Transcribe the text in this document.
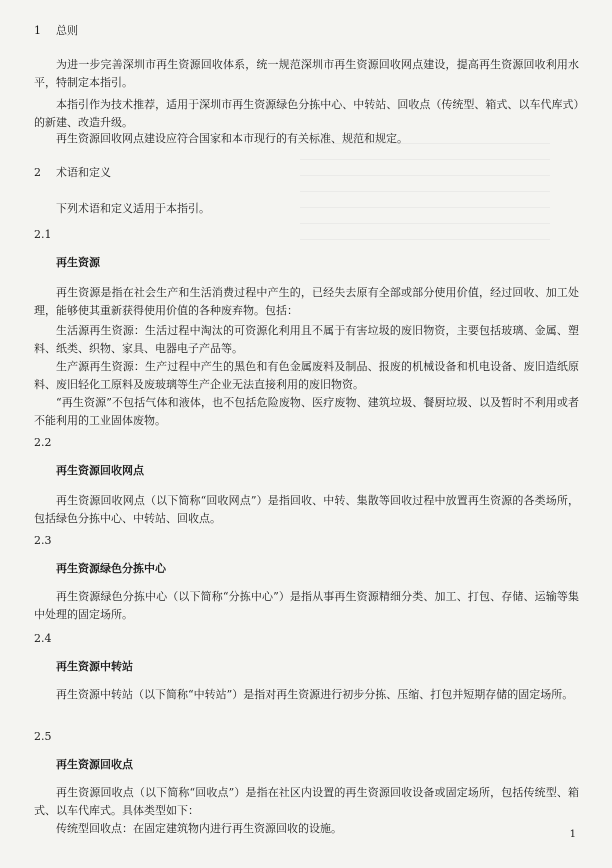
1 总则
为进一步完善深圳市再生资源回收体系，统一规范深圳市再生资源回收网点建设，提高再生资源回收利用水平，特制定本指引。
本指引作为技术推荐，适用于深圳市再生资源绿色分拣中心、中转站、回收点（传统型、箱式、以车代库式）的新建、改造升级。
再生资源回收网点建设应符合国家和本市现行的有关标准、规范和规定。
2 术语和定义
下列术语和定义适用于本指引。
2.1
再生资源
再生资源是指在社会生产和生活消费过程中产生的，已经失去原有全部或部分使用价值，经过回收、加工处理，能够使其重新获得使用价值的各种废弃物。包括：
生活源再生资源：生活过程中淘汰的可资源化利用且不属于有害垃圾的废旧物资，主要包括玻璃、金属、塑料、纸类、织物、家具、电器电子产品等。
生产源再生资源：生产过程中产生的黑色和有色金属废料及制品、报废的机械设备和机电设备、废旧造纸原料、废旧轻化工原料及废玻璃等生产企业无法直接利用的废旧物资。
“再生资源”不包括气体和液体，也不包括危险废物、医疗废物、建筑垃圾、餐厨垃圾、以及暂时不利用或者不能利用的工业固体废物。
2.2
再生资源回收网点
再生资源回收网点（以下简称“回收网点”）是指回收、中转、集散等回收过程中放置再生资源的各类场所，包括绿色分拣中心、中转站、回收点。
2.3
再生资源绿色分拣中心
再生资源绿色分拣中心（以下简称“分拣中心”）是指从事再生资源精细分类、加工、打包、存储、运输等集中处理的固定场所。
2.4
再生资源中转站
再生资源中转站（以下简称“中转站”）是指对再生资源进行初步分拣、压缩、打包并短期存储的固定场所。
2.5
再生资源回收点
再生资源回收点（以下简称“回收点”）是指在社区内设置的再生资源回收设备或固定场所，包括传统型、箱式、以车代库式。具体类型如下：
传统型回收点：在固定建筑物内进行再生资源回收的设施。	1
